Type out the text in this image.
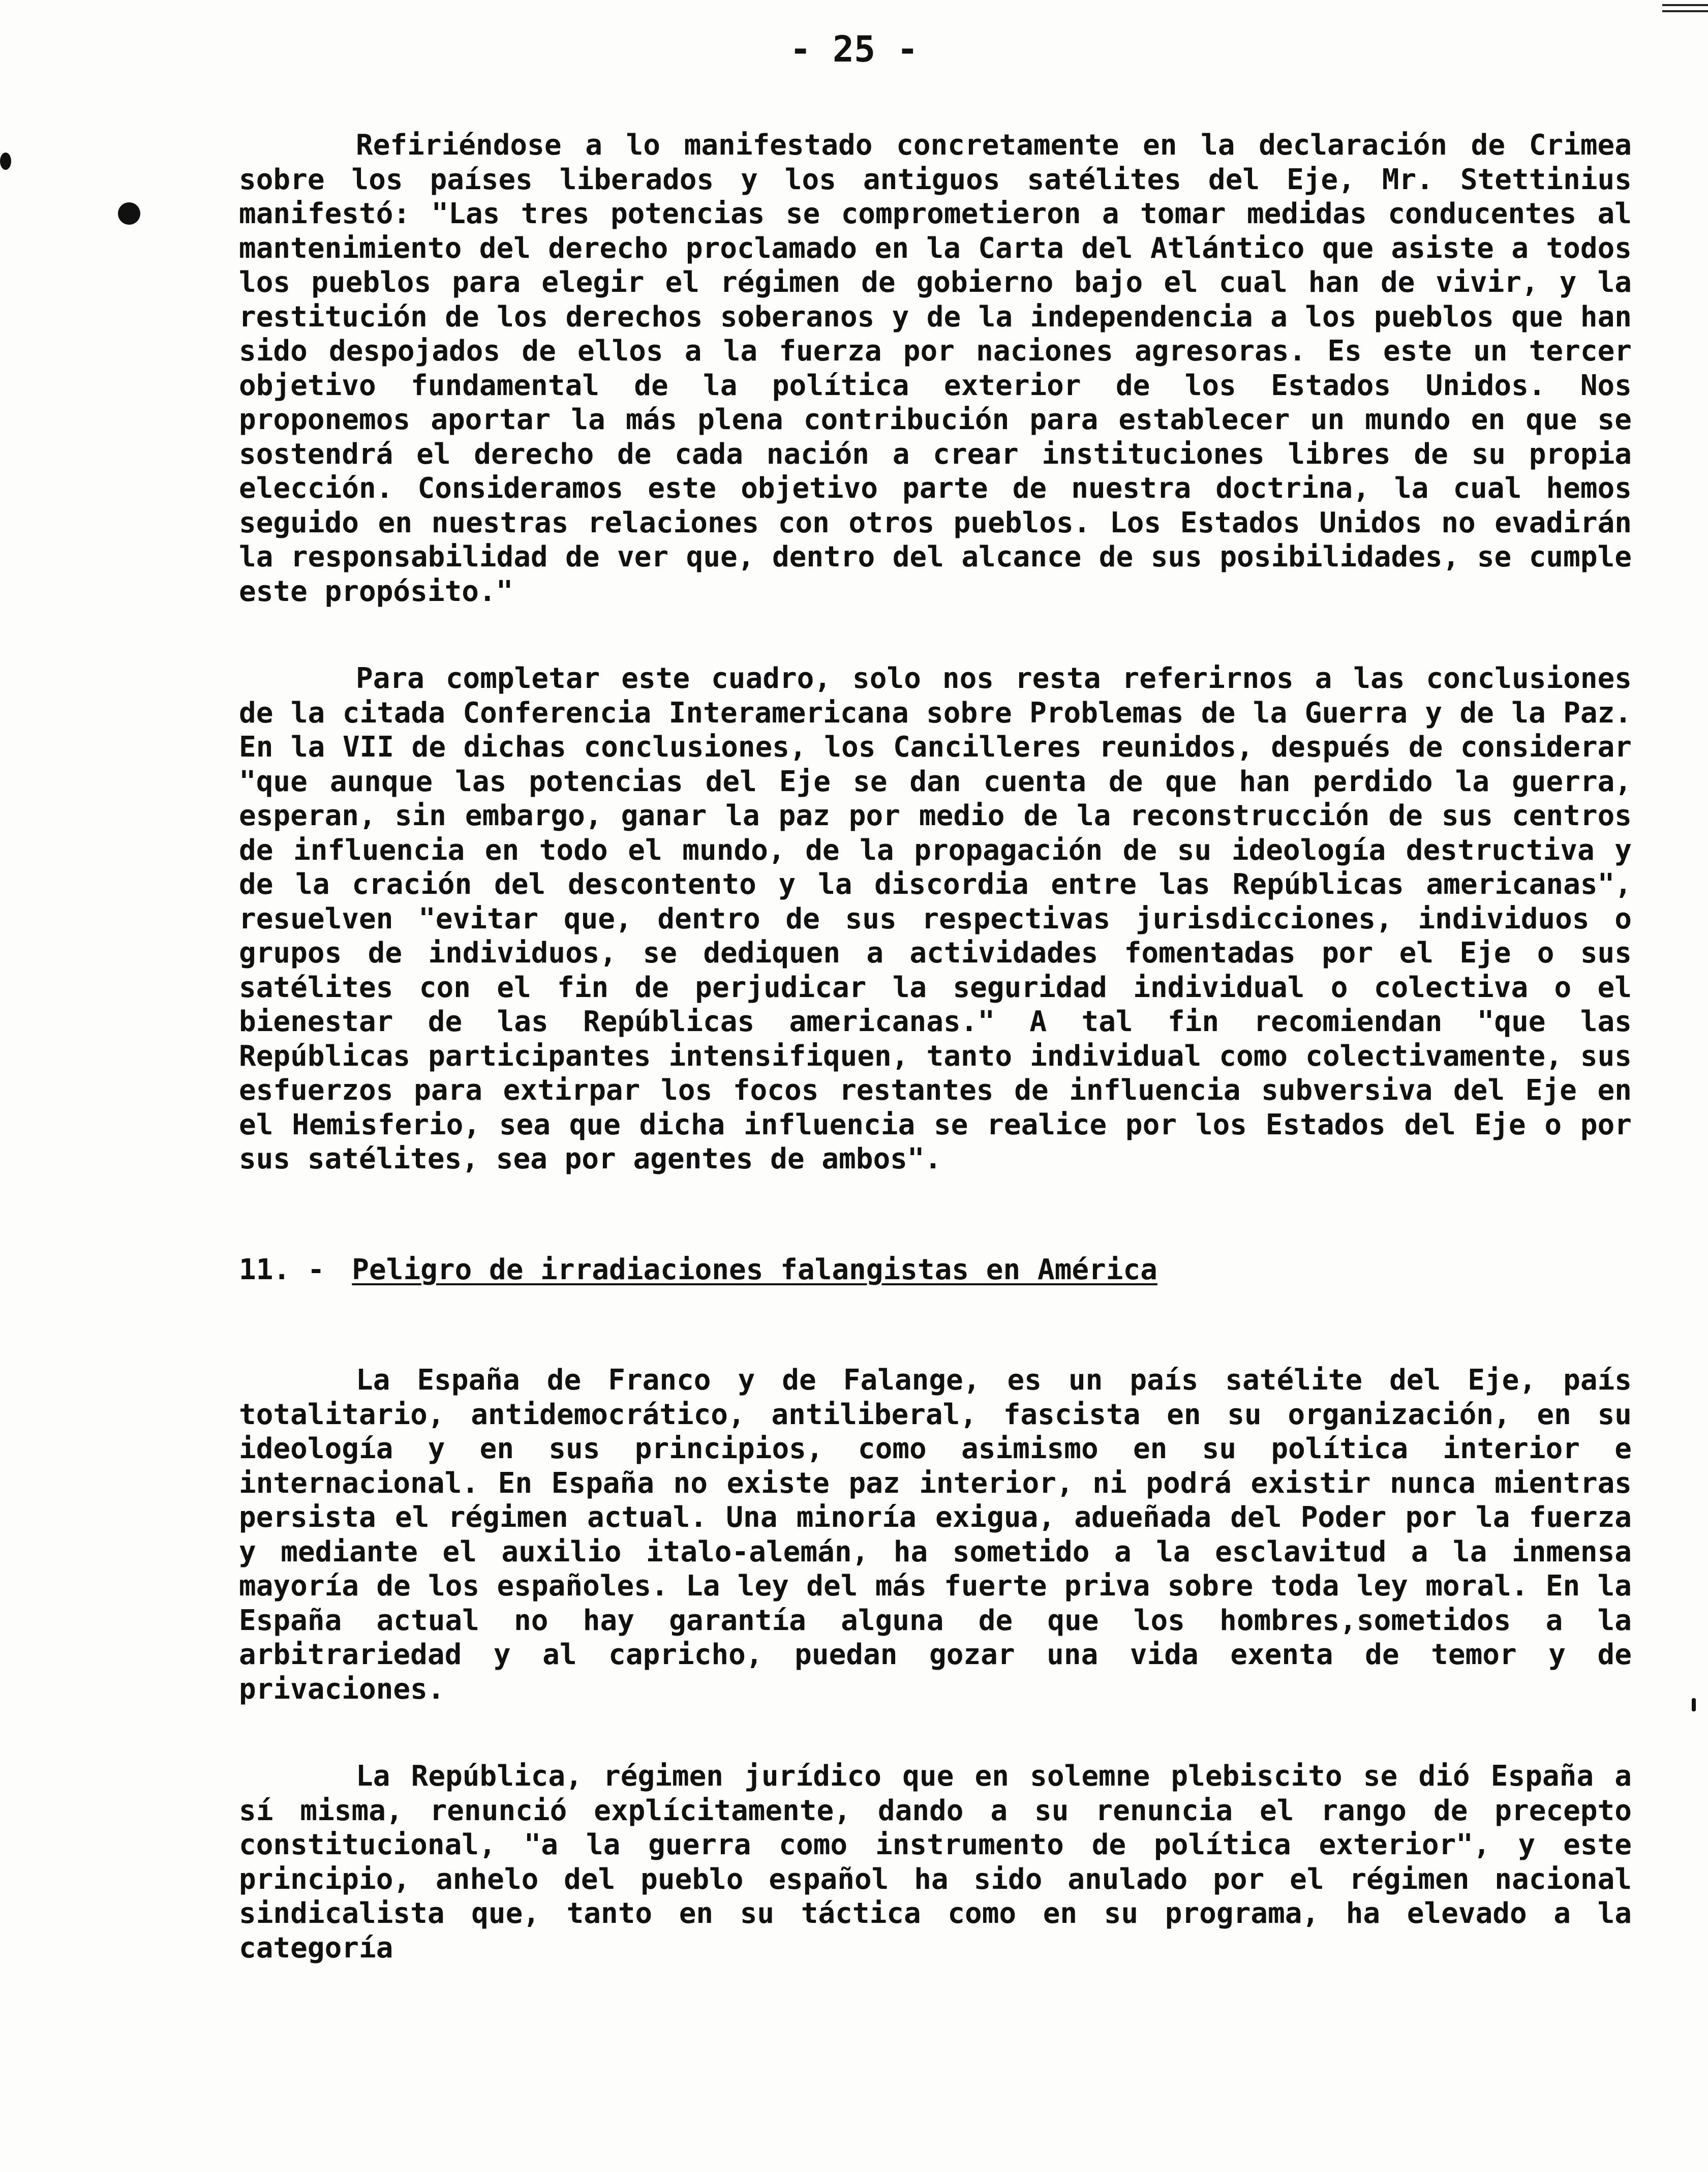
- 25 -

Refiriéndose a lo manifestado concretamente en la declaración de Crimea sobre los países liberados y los antiguos satélites del Eje, Mr. Stettinius manifestó: "Las tres potencias se comprometieron a tomar medidas conducentes al mantenimiento del derecho proclamado en la Carta del Atlántico que asiste a todos los pueblos para elegir el régimen de gobierno bajo el cual han de vivir, y la restitución de los derechos soberanos y de la independencia a los pueblos que han sido despojados de ellos a la fuerza por naciones agresoras. Es este un tercer objetivo fundamental de la política exterior de los Estados Unidos. Nos proponemos aportar la más plena contribución para establecer un mundo en que se sostendrá el derecho de cada nación a crear instituciones libres de su propia elección. Consideramos este objetivo parte de nuestra doctrina, la cual hemos seguido en nuestras relaciones con otros pueblos. Los Estados Unidos no evadirán la responsabilidad de ver que, dentro del alcance de sus posibilidades, se cumple este propósito."

Para completar este cuadro, solo nos resta referirnos a las conclusiones de la citada Conferencia Interamericana sobre Problemas de la Guerra y de la Paz. En la VII de dichas conclusiones, los Cancilleres reunidos, después de considerar "que aunque las potencias del Eje se dan cuenta de que han perdido la guerra, esperan, sin embargo, ganar la paz por medio de la reconstrucción de sus centros de influencia en todo el mundo, de la propagación de su ideología destructiva y de la cración del descontento y la discordia entre las Repúblicas americanas", resuelven "evitar que, dentro de sus respectivas jurisdicciones, individuos o grupos de individuos, se dediquen a actividades fomentadas por el Eje o sus satélites con el fin de perjudicar la seguridad individual o colectiva o el bienestar de las Repúblicas americanas." A tal fin recomiendan "que las Repúblicas participantes intensifiquen, tanto individual como colectivamente, sus esfuerzos para extirpar los focos restantes de influencia subversiva del Eje en el Hemisferio, sea que dicha influencia se realice por los Estados del Eje o por sus satélites, sea por agentes de ambos".

11. - Peligro de irradiaciones falangistas en América

La España de Franco y de Falange, es un país satélite del Eje, país totalitario, antidemocrático, antiliberal, fascista en su organización, en su ideología y en sus principios, como asimismo en su política interior e internacional. En España no existe paz interior, ni podrá existir nunca mientras persista el régimen actual. Una minoría exigua, adueñada del Poder por la fuerza y mediante el auxilio italo-alemán, ha sometido a la esclavitud a la inmensa mayoría de los españoles. La ley del más fuerte priva sobre toda ley moral. En la España actual no hay garantía alguna de que los hombres,sometidos a la arbitrariedad y al capricho, puedan gozar una vida exenta de temor y de privaciones.

La República, régimen jurídico que en solemne plebiscito se dió España a sí misma, renunció explícitamente, dando a su renuncia el rango de precepto constitucional, "a la guerra como instrumento de política exterior", y este principio, anhelo del pueblo español ha sido anulado por el régimen nacional sindicalista que, tanto en su táctica como en su programa, ha elevado a la categoría
